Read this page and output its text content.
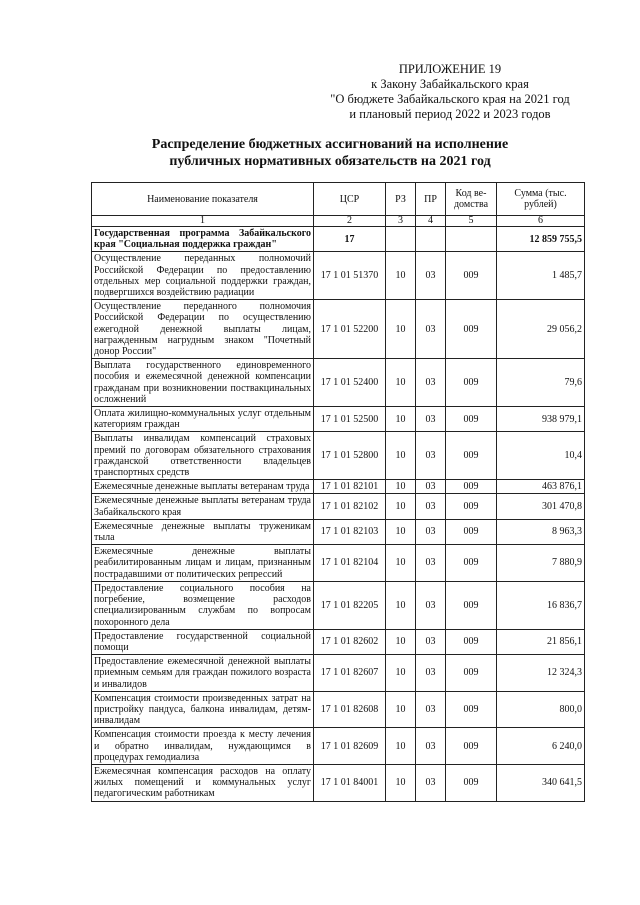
ПРИЛОЖЕНИЕ 19
к Закону Забайкальского края
"О бюджете Забайкальского края на 2021 год
и плановый период 2022 и 2023 годов
Распределение бюджетных ассигнований на исполнение
публичных нормативных обязательств на 2021 год
Наименование показателя	ЦСР	РЗ	ПР	Код ве-домства	Сумма (тыс. рублей)
1	2	3	4	5	6
Государственная программа Забайкальского края "Социальная поддержка граждан"	17				12 859 755,5
Осуществление переданных полномочий Российской Федерации по предоставлению отдельных мер социальной поддержки граждан, подвергшихся воздействию радиации	17 1 01 51370	10	03	009	1 485,7
Осуществление переданного полномочия Российской Федерации по осуществлению ежегодной денежной выплаты лицам, награжденным нагрудным знаком "Почетный донор России"	17 1 01 52200	10	03	009	29 056,2
Выплата государственного единовременного пособия и ежемесячной денежной компенсации гражданам при возникновении поствакцинальных осложнений	17 1 01 52400	10	03	009	79,6
Оплата жилищно-коммунальных услуг отдельным категориям граждан	17 1 01 52500	10	03	009	938 979,1
Выплаты инвалидам компенсаций страховых премий по договорам обязательного страхования гражданской ответственности владельцев транспортных средств	17 1 01 52800	10	03	009	10,4
Ежемесячные денежные выплаты ветеранам труда	17 1 01 82101	10	03	009	463 876,1
Ежемесячные денежные выплаты ветеранам труда Забайкальского края	17 1 01 82102	10	03	009	301 470,8
Ежемесячные денежные выплаты труженикам тыла	17 1 01 82103	10	03	009	8 963,3
Ежемесячные денежные выплаты реабилитированным лицам и лицам, признанным пострадавшими от политических репрессий	17 1 01 82104	10	03	009	7 880,9
Предоставление социального пособия на погребение, возмещение расходов специализированным службам по вопросам похоронного дела	17 1 01 82205	10	03	009	16 836,7
Предоставление государственной социальной помощи	17 1 01 82602	10	03	009	21 856,1
Предоставление ежемесячной денежной выплаты приемным семьям для граждан пожилого возраста и инвалидов	17 1 01 82607	10	03	009	12 324,3
Компенсация стоимости произведенных затрат на пристройку пандуса, балкона инвалидам, детям-инвалидам	17 1 01 82608	10	03	009	800,0
Компенсация стоимости проезда к месту лечения и обратно инвалидам, нуждающимся в процедурах гемодиализа	17 1 01 82609	10	03	009	6 240,0
Ежемесячная компенсация расходов на оплату жилых помещений и коммунальных услуг педагогическим работникам	17 1 01 84001	10	03	009	340 641,5
